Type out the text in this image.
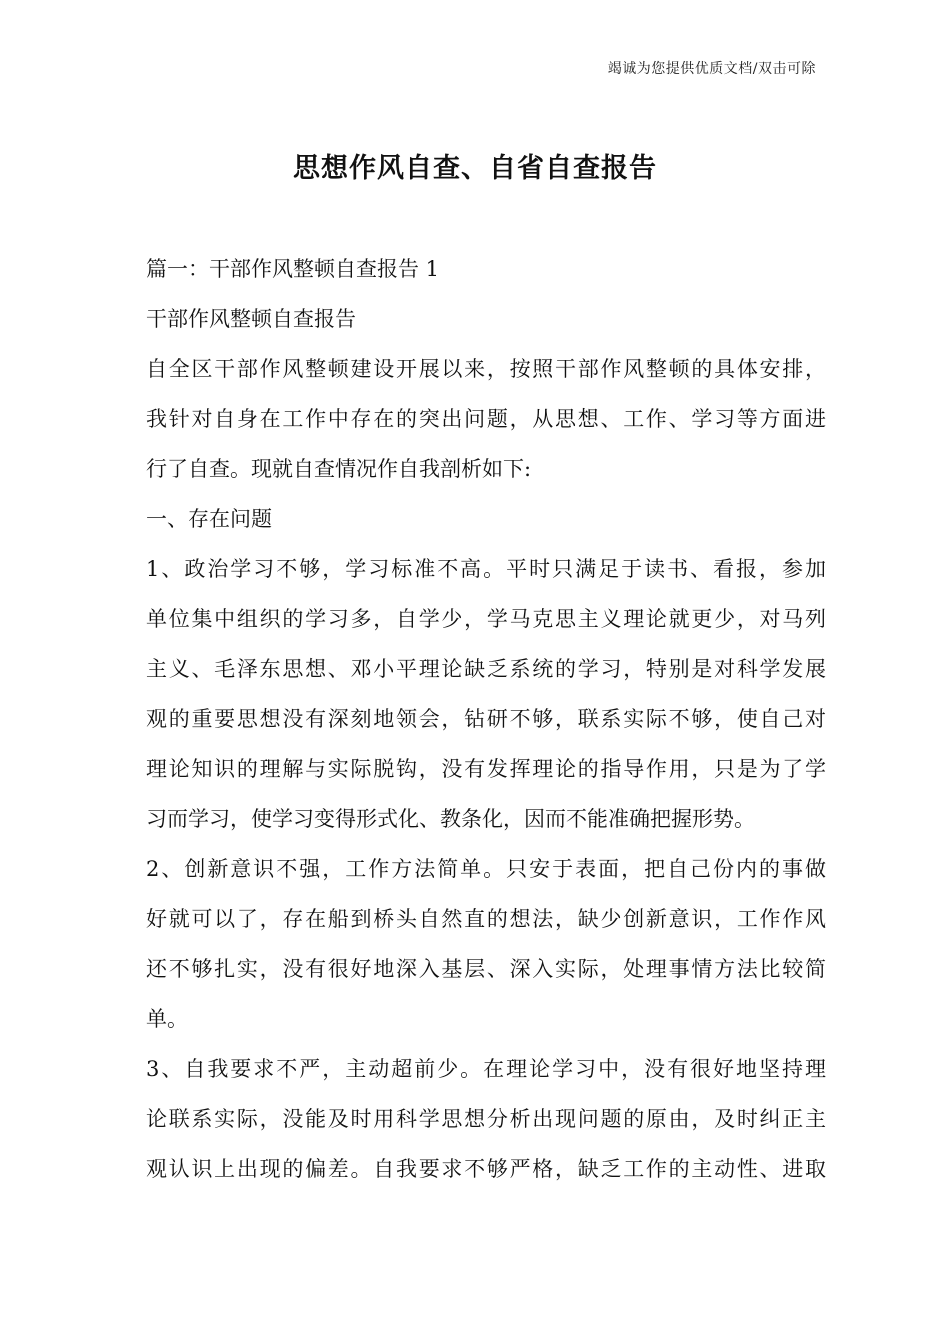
竭诚为您提供优质文档/双击可除
思想作风自查、自省自查报告
篇一：干部作风整顿自查报告 1
干部作风整顿自查报告
自全区干部作风整顿建设开展以来，按照干部作风整顿的具体安排，
我针对自身在工作中存在的突出问题，从思想、工作、学习等方面进
行了自查。现就自查情况作自我剖析如下:
一、存在问题
1、政治学习不够，学习标准不高。平时只满足于读书、看报，参加
单位集中组织的学习多，自学少，学马克思主义理论就更少，对马列
主义、毛泽东思想、邓小平理论缺乏系统的学习，特别是对科学发展
观的重要思想没有深刻地领会，钻研不够，联系实际不够，使自己对
理论知识的理解与实际脱钩，没有发挥理论的指导作用，只是为了学
习而学习，使学习变得形式化、教条化，因而不能准确把握形势。
2、创新意识不强，工作方法简单。只安于表面，把自己份内的事做
好就可以了，存在船到桥头自然直的想法，缺少创新意识，工作作风
还不够扎实，没有很好地深入基层、深入实际，处理事情方法比较简
单。
3、自我要求不严，主动超前少。在理论学习中，没有很好地坚持理
论联系实际，没能及时用科学思想分析出现问题的原由，及时纠正主
观认识上出现的偏差。自我要求不够严格，缺乏工作的主动性、进取
